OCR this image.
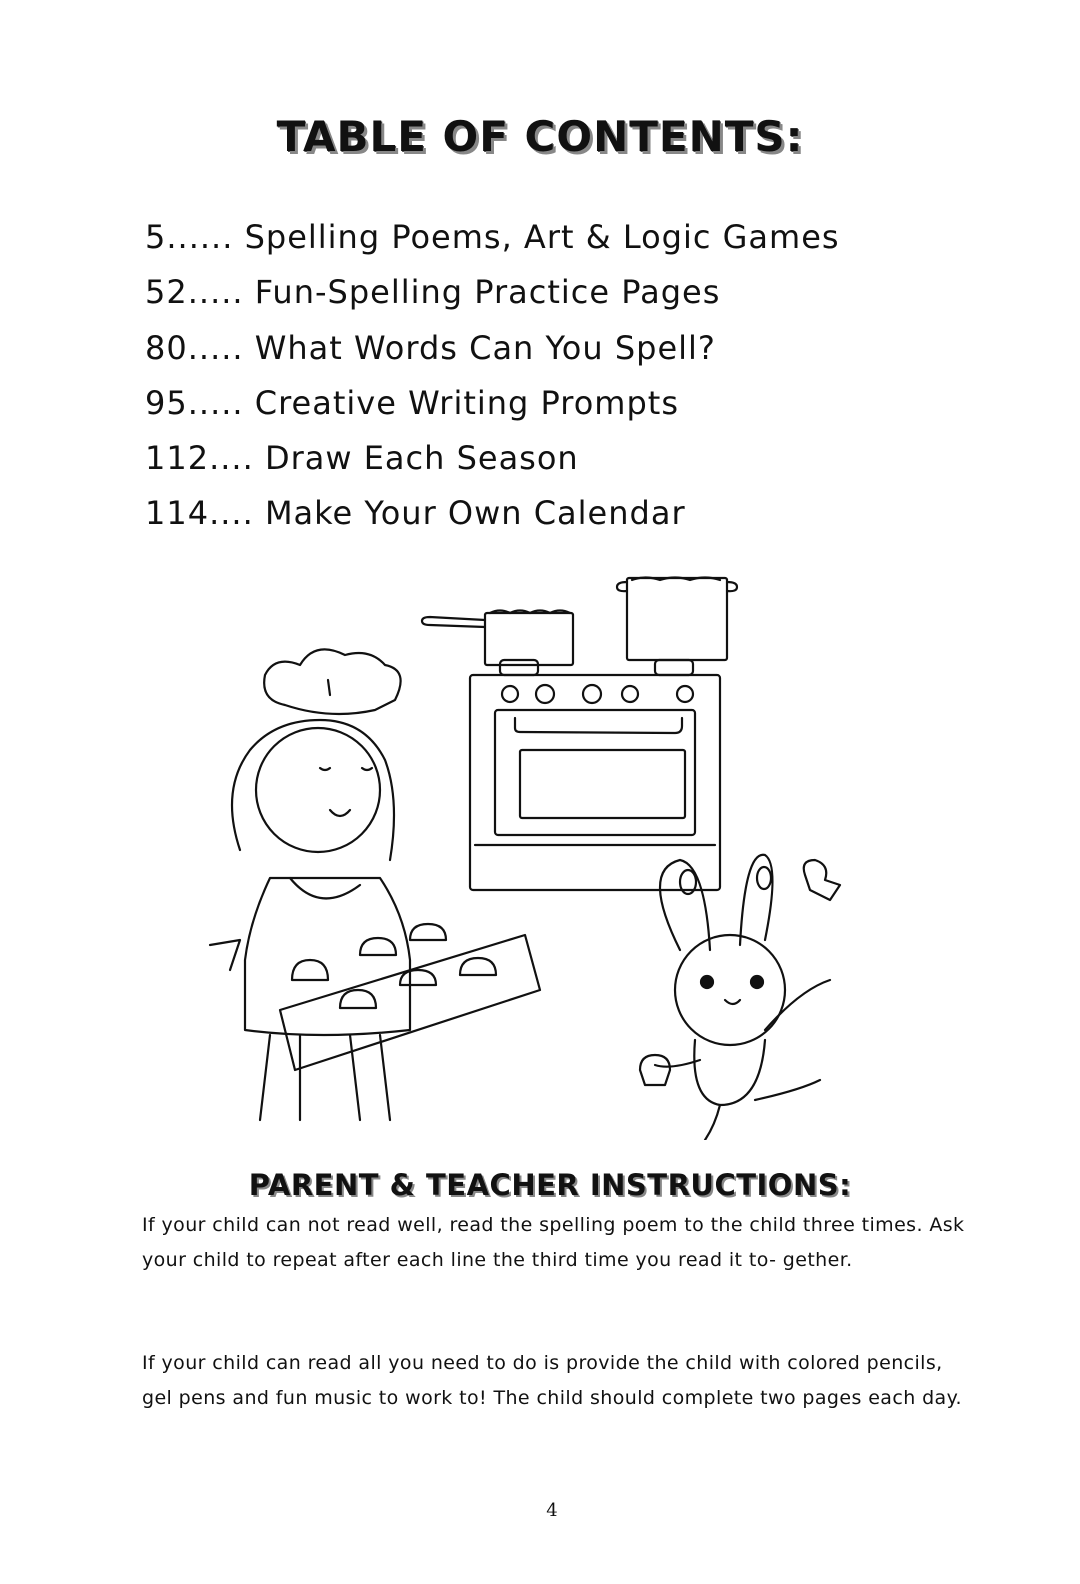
TABLE OF CONTENTS:
5...... Spelling Poems, Art & Logic Games
52..... Fun-Spelling Practice Pages
80..... What Words Can You Spell?
95..... Creative Writing Prompts
112.... Draw Each Season
114.... Make Your Own Calendar
PARENT & TEACHER INSTRUCTIONS:
If your child can not read well, read the spelling poem to the child three times. Ask your child to repeat after each line the third time you read it to- gether.
If your child can read all you need to do is provide the child with colored pencils, gel pens and fun music to work to! The child should complete two pages each day.
4
